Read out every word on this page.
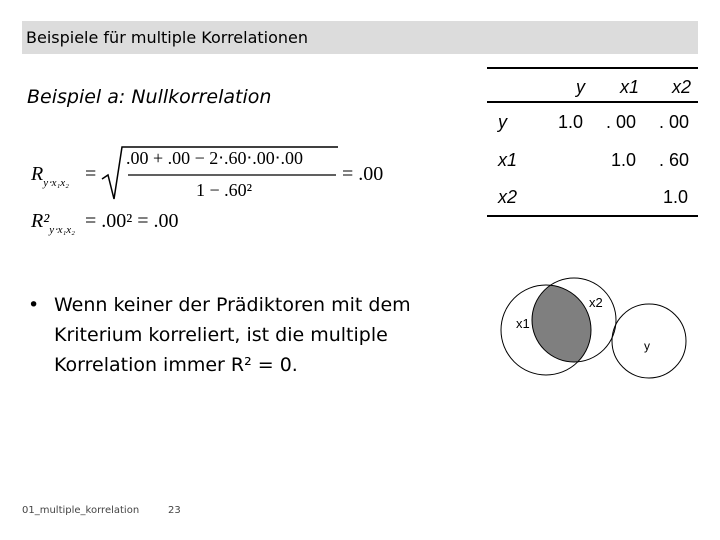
Beispiele für multiple Korrelationen
Beispiel a: Nullkorrelation
$R_{y\cdot x_1x_2}$ =
.00 + .00 − 2⋅.60⋅.00⋅.00
1 − .60²
= .00
$R^2_{y\cdot x_1x_2} = .00^2 = .00$
y x1 x2
y
x1
x2
1.0 . 00 . 00
1.0 . 60
1.0
x1
x2
y
• Wenn keiner der Prädiktoren mit dem Kriterium korreliert, ist die multiple Korrelation immer R² = 0.
01_multiple_korrelation	23
